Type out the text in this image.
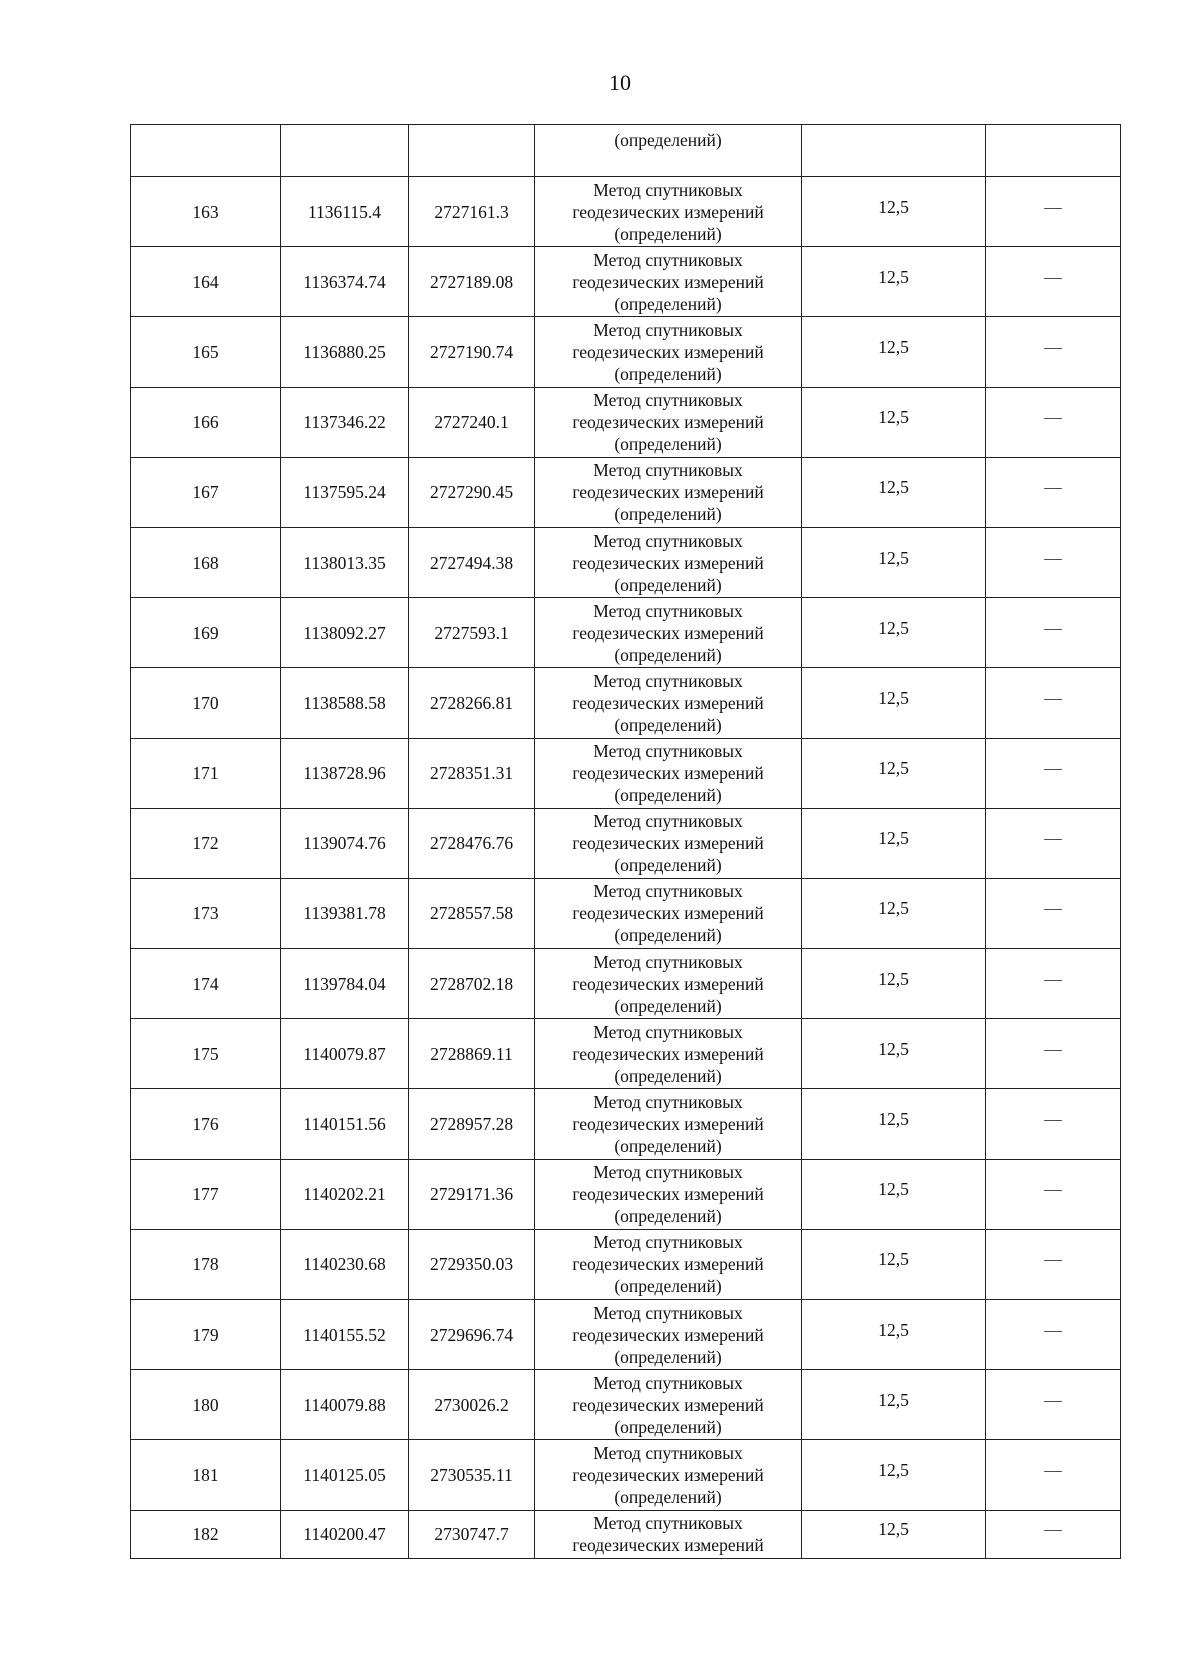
10
			(определений)		
163	1136115.4	2727161.3	Метод спутниковых
геодезических измерений
(определений)	12,5	—
164	1136374.74	2727189.08	Метод спутниковых
геодезических измерений
(определений)	12,5	—
165	1136880.25	2727190.74	Метод спутниковых
геодезических измерений
(определений)	12,5	—
166	1137346.22	2727240.1	Метод спутниковых
геодезических измерений
(определений)	12,5	—
167	1137595.24	2727290.45	Метод спутниковых
геодезических измерений
(определений)	12,5	—
168	1138013.35	2727494.38	Метод спутниковых
геодезических измерений
(определений)	12,5	—
169	1138092.27	2727593.1	Метод спутниковых
геодезических измерений
(определений)	12,5	—
170	1138588.58	2728266.81	Метод спутниковых
геодезических измерений
(определений)	12,5	—
171	1138728.96	2728351.31	Метод спутниковых
геодезических измерений
(определений)	12,5	—
172	1139074.76	2728476.76	Метод спутниковых
геодезических измерений
(определений)	12,5	—
173	1139381.78	2728557.58	Метод спутниковых
геодезических измерений
(определений)	12,5	—
174	1139784.04	2728702.18	Метод спутниковых
геодезических измерений
(определений)	12,5	—
175	1140079.87	2728869.11	Метод спутниковых
геодезических измерений
(определений)	12,5	—
176	1140151.56	2728957.28	Метод спутниковых
геодезических измерений
(определений)	12,5	—
177	1140202.21	2729171.36	Метод спутниковых
геодезических измерений
(определений)	12,5	—
178	1140230.68	2729350.03	Метод спутниковых
геодезических измерений
(определений)	12,5	—
179	1140155.52	2729696.74	Метод спутниковых
геодезических измерений
(определений)	12,5	—
180	1140079.88	2730026.2	Метод спутниковых
геодезических измерений
(определений)	12,5	—
181	1140125.05	2730535.11	Метод спутниковых
геодезических измерений
(определений)	12,5	—
182	1140200.47	2730747.7	Метод спутниковых
геодезических измерений	12,5	—
